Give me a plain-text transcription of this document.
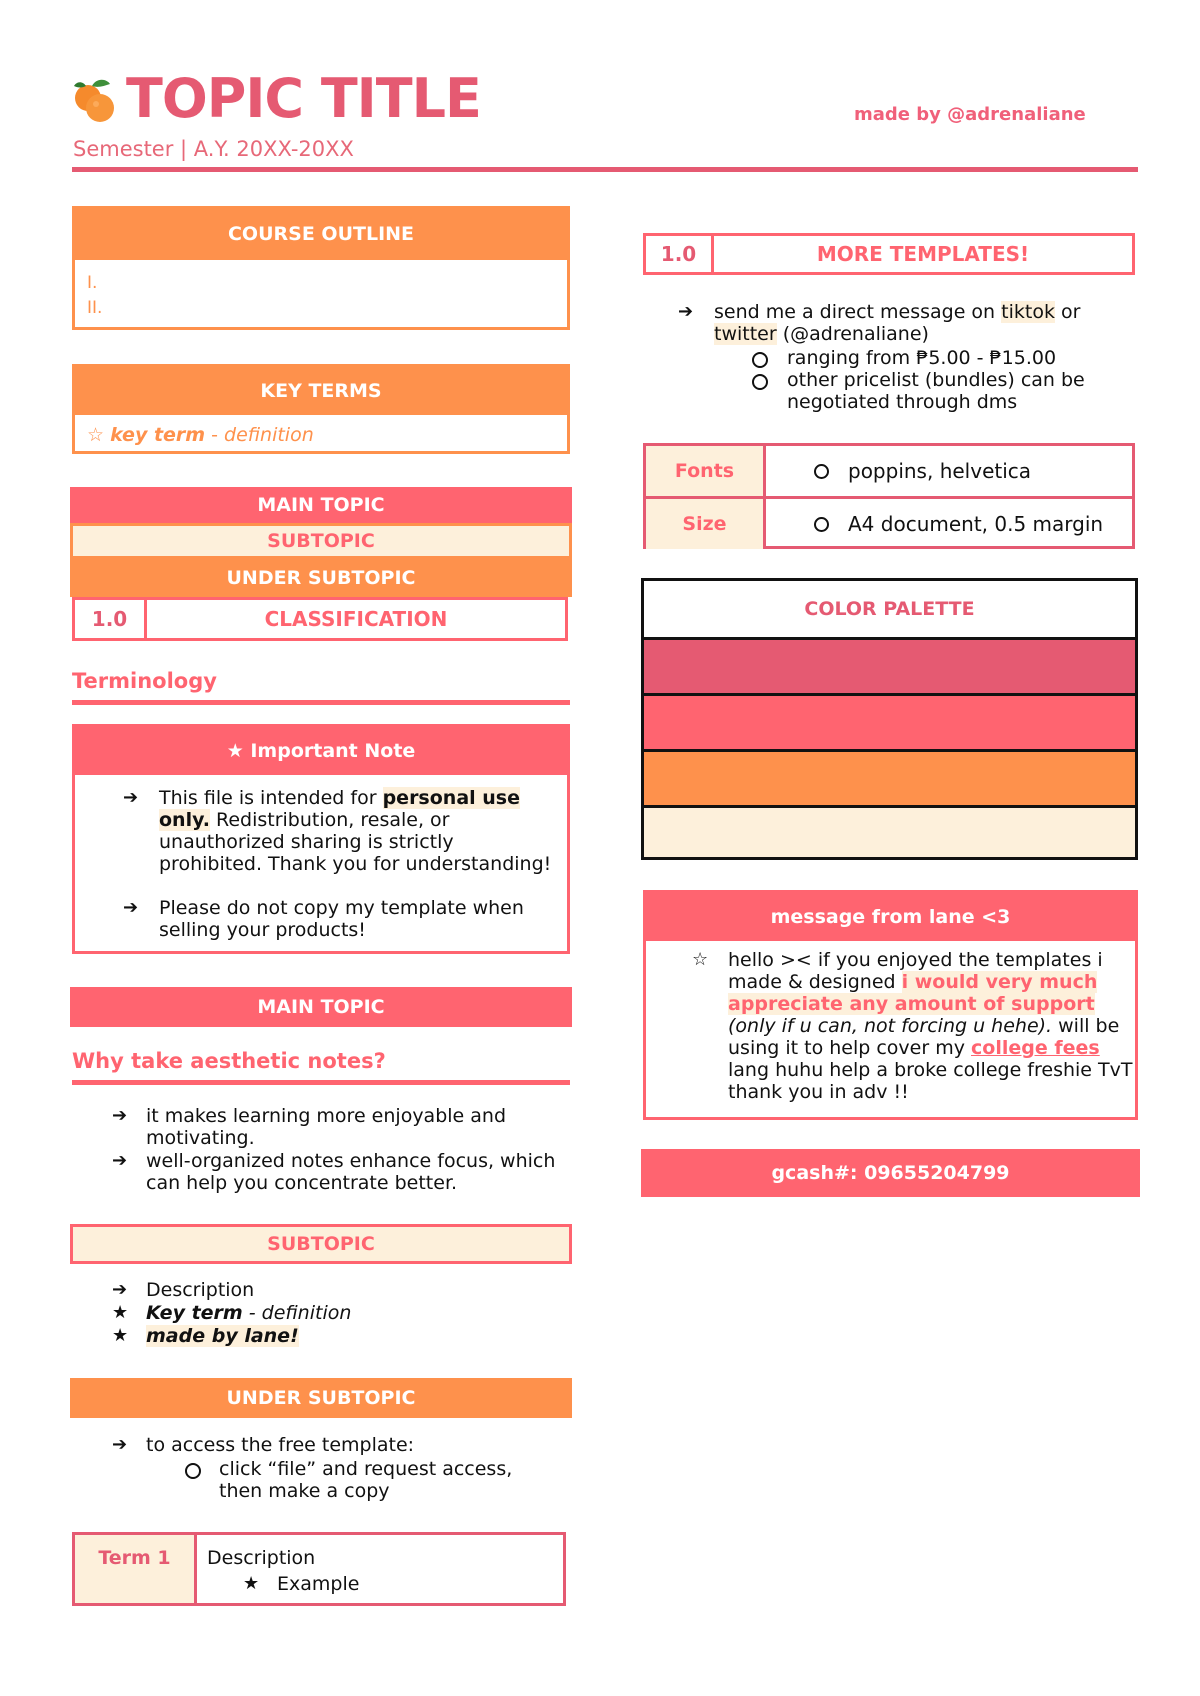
TOPIC TITLE
Semester | A.Y. 20XX-20XX
made by @adrenaliane
COURSE OUTLINE
I.
II.
KEY TERMS
☆ key term - definition
MAIN TOPIC
SUBTOPIC
UNDER SUBTOPIC
1.0	CLASSIFICATION
Terminology
★ Important Note
➔ This file is intended for personal use only. Redistribution, resale, or unauthorized sharing is strictly prohibited. Thank you for understanding!
➔ Please do not copy my template when selling your products!
MAIN TOPIC
Why take aesthetic notes?
➔ it makes learning more enjoyable and motivating.
➔ well-organized notes enhance focus, which can help you concentrate better.
SUBTOPIC
➔ Description
★ Key term - definition
★ made by lane!
UNDER SUBTOPIC
➔ to access the free template:
click “file” and request access, then make a copy
Term 1	Description
★ Example
1.0	MORE TEMPLATES!
➔ send me a direct message on tiktok or twitter (@adrenaliane)
ranging from ₱5.00 - ₱15.00
other pricelist (bundles) can be negotiated through dms
Fonts	poppins, helvetica
Size	A4 document, 0.5 margin
COLOR PALETTE
message from lane <3
☆ hello >< if you enjoyed the templates i made & designed i would very much appreciate any amount of support (only if u can, not forcing u hehe). will be using it to help cover my college fees lang huhu help a broke college freshie TvT thank you in adv !!
gcash#: 09655204799
